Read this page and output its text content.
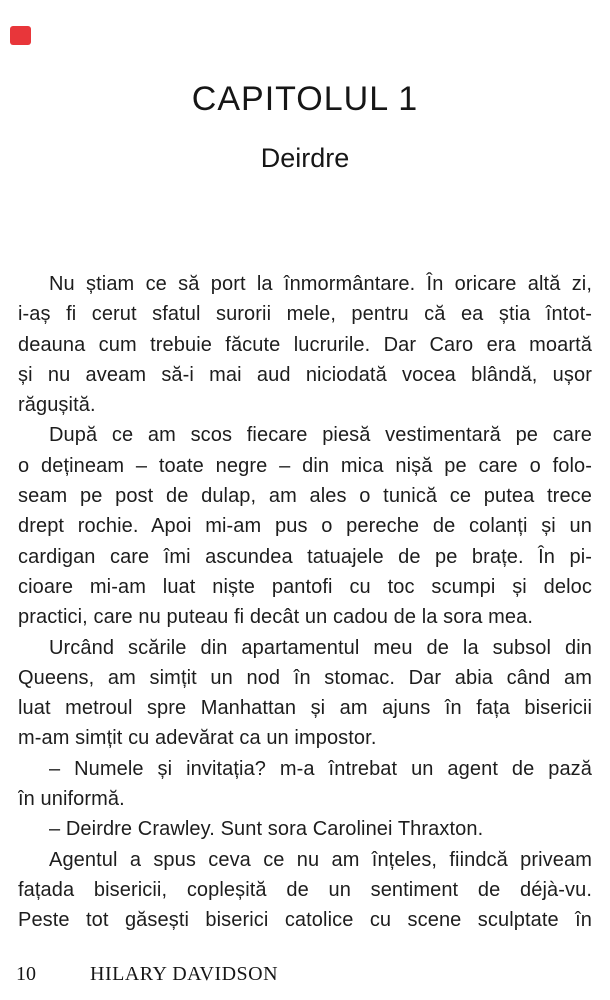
CAPITOLUL 1
Deirdre
Nu știam ce să port la înmormântare. În oricare altă zi,
i-aș fi cerut sfatul surorii mele, pentru că ea știa întot-
deauna cum trebuie făcute lucrurile. Dar Caro era moartă
și nu aveam să-i mai aud niciodată vocea blândă, ușor
răgușită.
După ce am scos fiecare piesă vestimentară pe care
o dețineam – toate negre – din mica nișă pe care o folo-
seam pe post de dulap, am ales o tunică ce putea trece
drept rochie. Apoi mi-am pus o pereche de colanți și un
cardigan care îmi ascundea tatuajele de pe brațe. În pi-
cioare mi-am luat niște pantofi cu toc scumpi și deloc
practici, care nu puteau fi decât un cadou de la sora mea.
Urcând scările din apartamentul meu de la subsol din
Queens, am simțit un nod în stomac. Dar abia când am
luat metroul spre Manhattan și am ajuns în fața bisericii
m-am simțit cu adevărat ca un impostor.
– Numele și invitația? m-a întrebat un agent de pază
în uniformă.
– Deirdre Crawley. Sunt sora Carolinei Thraxton.
Agentul a spus ceva ce nu am înțeles, fiindcă priveam
fațada bisericii, copleșită de un sentiment de déjà-vu.
Peste tot găsești biserici catolice cu scene sculptate în
10	HILARY DAVIDSON
